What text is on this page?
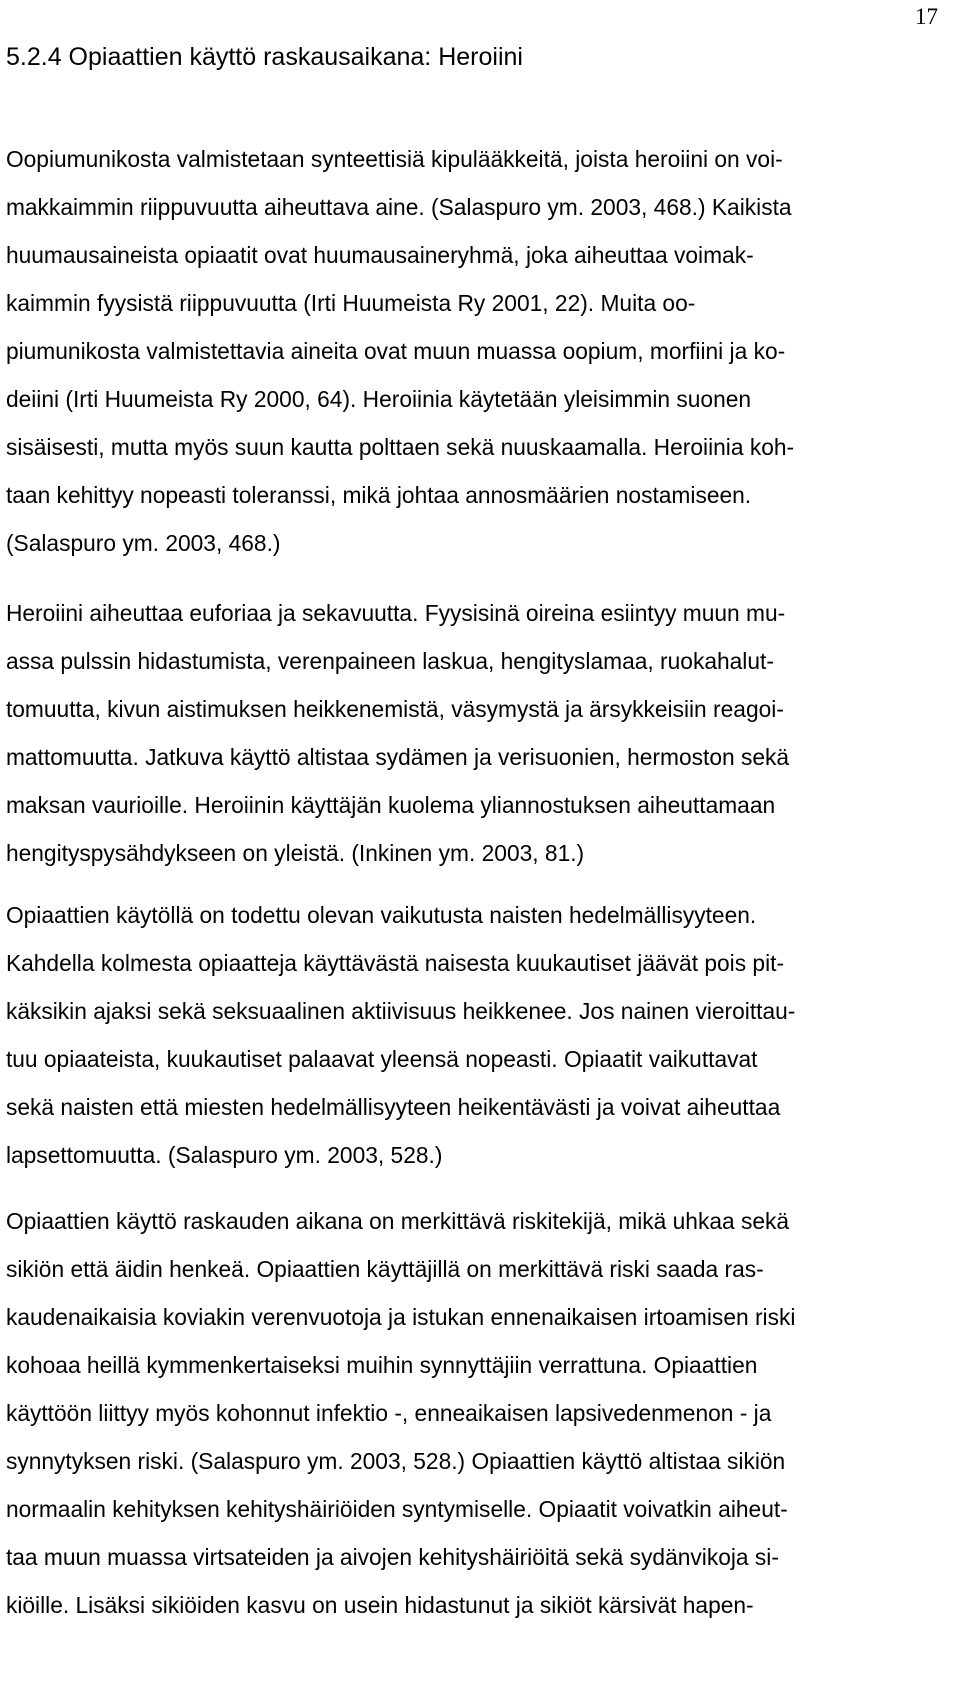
17
5.2.4 Opiaattien käyttö raskausaikana: Heroiini
Oopiumunikosta valmistetaan synteettisiä kipulääkkeitä, joista heroiini on voi-
makkaimmin riippuvuutta aiheuttava aine. (Salaspuro ym. 2003, 468.) Kaikista
huumausaineista opiaatit ovat huumausaineryhmä, joka aiheuttaa voimak-
kaimmin fyysistä riippuvuutta (Irti Huumeista Ry 2001, 22). Muita oo-
piumunikosta valmistettavia aineita ovat muun muassa oopium, morfiini ja ko-
deiini (Irti Huumeista Ry 2000, 64). Heroiinia käytetään yleisimmin suonen
sisäisesti, mutta myös suun kautta polttaen sekä nuuskaamalla. Heroiinia koh-
taan kehittyy nopeasti toleranssi, mikä johtaa annosmäärien nostamiseen.
(Salaspuro ym. 2003, 468.)
Heroiini aiheuttaa euforiaa ja sekavuutta. Fyysisinä oireina esiintyy muun mu-
assa pulssin hidastumista, verenpaineen laskua, hengityslamaa, ruokahalut-
tomuutta, kivun aistimuksen heikkenemistä, väsymystä ja ärsykkeisiin reagoi-
mattomuutta. Jatkuva käyttö altistaa sydämen ja verisuonien, hermoston sekä
maksan vaurioille. Heroiinin käyttäjän kuolema yliannostuksen aiheuttamaan
hengityspysähdykseen on yleistä. (Inkinen ym. 2003, 81.)
Opiaattien käytöllä on todettu olevan vaikutusta naisten hedelmällisyyteen.
Kahdella kolmesta opiaatteja käyttävästä naisesta kuukautiset jäävät pois pit-
käksikin ajaksi sekä seksuaalinen aktiivisuus heikkenee. Jos nainen vieroittau-
tuu opiaateista, kuukautiset palaavat yleensä nopeasti. Opiaatit vaikuttavat
sekä naisten että miesten hedelmällisyyteen heikentävästi ja voivat aiheuttaa
lapsettomuutta. (Salaspuro ym. 2003, 528.)
Opiaattien käyttö raskauden aikana on merkittävä riskitekijä, mikä uhkaa sekä
sikiön että äidin henkeä. Opiaattien käyttäjillä on merkittävä riski saada ras-
kaudenaikaisia koviakin verenvuotoja ja istukan ennenaikaisen irtoamisen riski
kohoaa heillä kymmenkertaiseksi muihin synnyttäjiin verrattuna. Opiaattien
käyttöön liittyy myös kohonnut infektio -, enneaikaisen lapsivedenmenon - ja
synnytyksen riski. (Salaspuro ym. 2003, 528.) Opiaattien käyttö altistaa sikiön
normaalin kehityksen kehityshäiriöiden syntymiselle. Opiaatit voivatkin aiheut-
taa muun muassa virtsateiden ja aivojen kehityshäiriöitä sekä sydänvikoja si-
kiöille. Lisäksi sikiöiden kasvu on usein hidastunut ja sikiöt kärsivät hapen-
